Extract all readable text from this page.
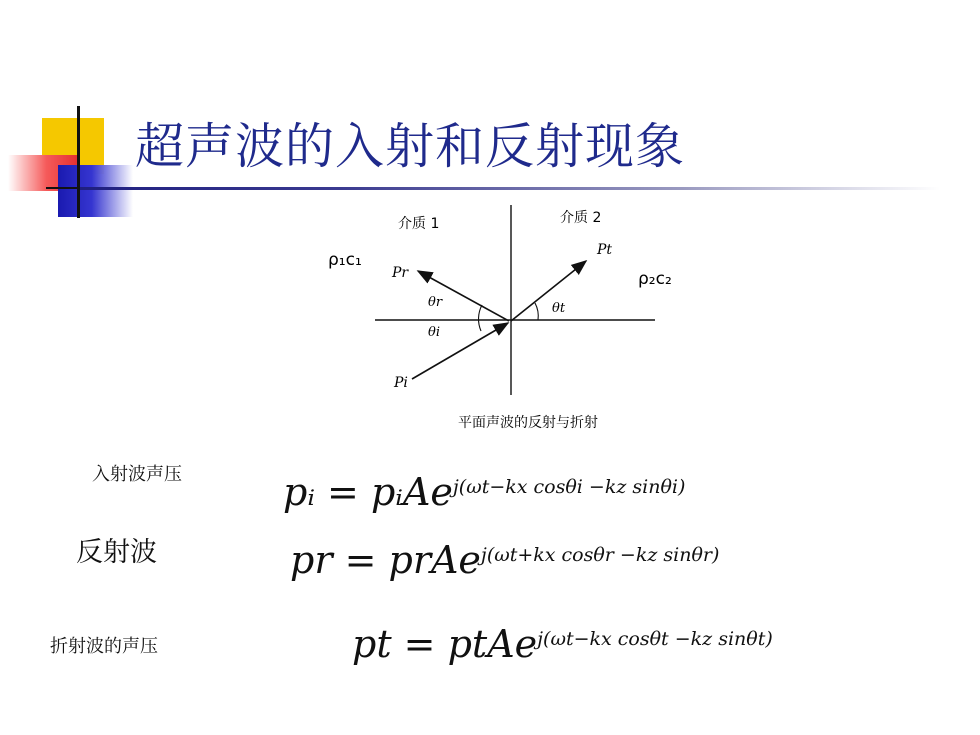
超声波的入射和反射现象
介质 1	介质 2
ρ₁c₁
ρ₂c₂
Pr
Pt
Pi
θr
θi
θt
平面声波的反射与折射
入射波声压	pᵢ = pᵢAej(ωt−kx cosθi −kz sinθi)
反射波	pr = prAej(ωt+kx cosθr −kz sinθr)
折射波的声压	pt = ptAej(ωt−kx cosθt −kz sinθt)
